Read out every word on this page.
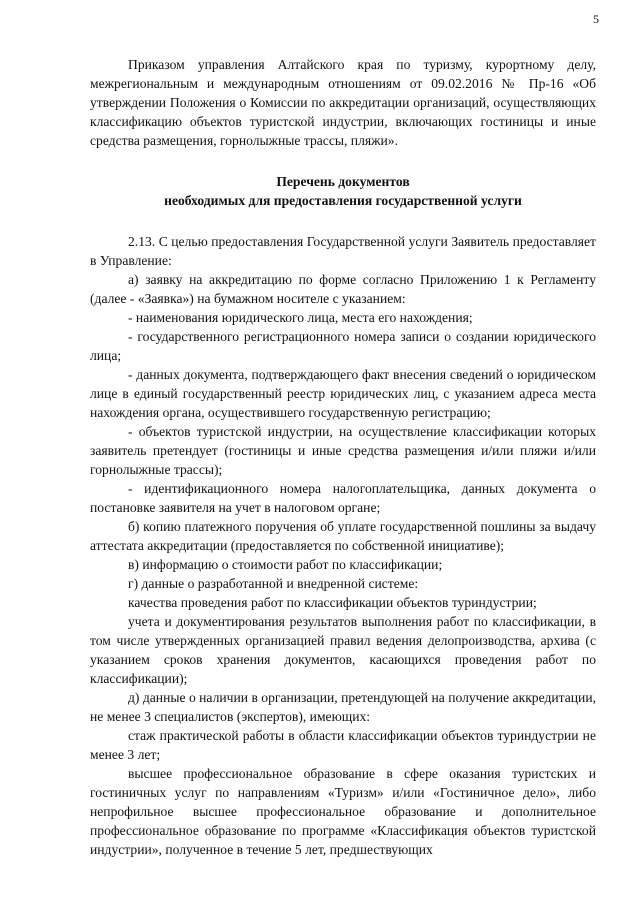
5

Приказом управления Алтайского края по туризму, курортному делу, межрегиональным и международным отношениям от 09.02.2016 № Пр-16 «Об утверждении Положения о Комиссии по аккредитации организаций, осуществляющих классификацию объектов туристской индустрии, включающих гостиницы и иные средства размещения, горнолыжные трассы, пляжи».

Перечень документов

необходимых для предоставления государственной услуги

2.13. С целью предоставления Государственной услуги Заявитель предоставляет в Управление:

а) заявку на аккредитацию по форме согласно Приложению 1 к Регламенту (далее - «Заявка») на бумажном носителе с указанием:

- наименования юридического лица, места его нахождения;

- государственного регистрационного номера записи о создании юридического лица;

- данных документа, подтверждающего факт внесения сведений о юридическом лице в единый государственный реестр юридических лиц, с указанием адреса места нахождения органа, осуществившего государственную регистрацию;

- объектов туристской индустрии, на осуществление классификации которых заявитель претендует (гостиницы и иные средства размещения и/или пляжи и/или горнолыжные трассы);

- идентификационного номера налогоплательщика, данных документа о постановке заявителя на учет в налоговом органе;

б) копию платежного поручения об уплате государственной пошлины за выдачу аттестата аккредитации (предоставляется по собственной инициативе);

в) информацию о стоимости работ по классификации;

г) данные о разработанной и внедренной системе:

качества проведения работ по классификации объектов туриндустрии;

учета и документирования результатов выполнения работ по классификации, в том числе утвержденных организацией правил ведения делопроизводства, архива (с указанием сроков хранения документов, касающихся проведения работ по классификации);

д) данные о наличии в организации, претендующей на получение аккредитации, не менее 3 специалистов (экспертов), имеющих:

стаж практической работы в области классификации объектов туриндустрии не менее 3 лет;

высшее профессиональное образование в сфере оказания туристских и гостиничных услуг по направлениям «Туризм» и/или «Гостиничное дело», либо непрофильное высшее профессиональное образование и дополнительное профессиональное образование по программе «Классификация объектов туристской индустрии», полученное в течение 5 лет, предшествующих
